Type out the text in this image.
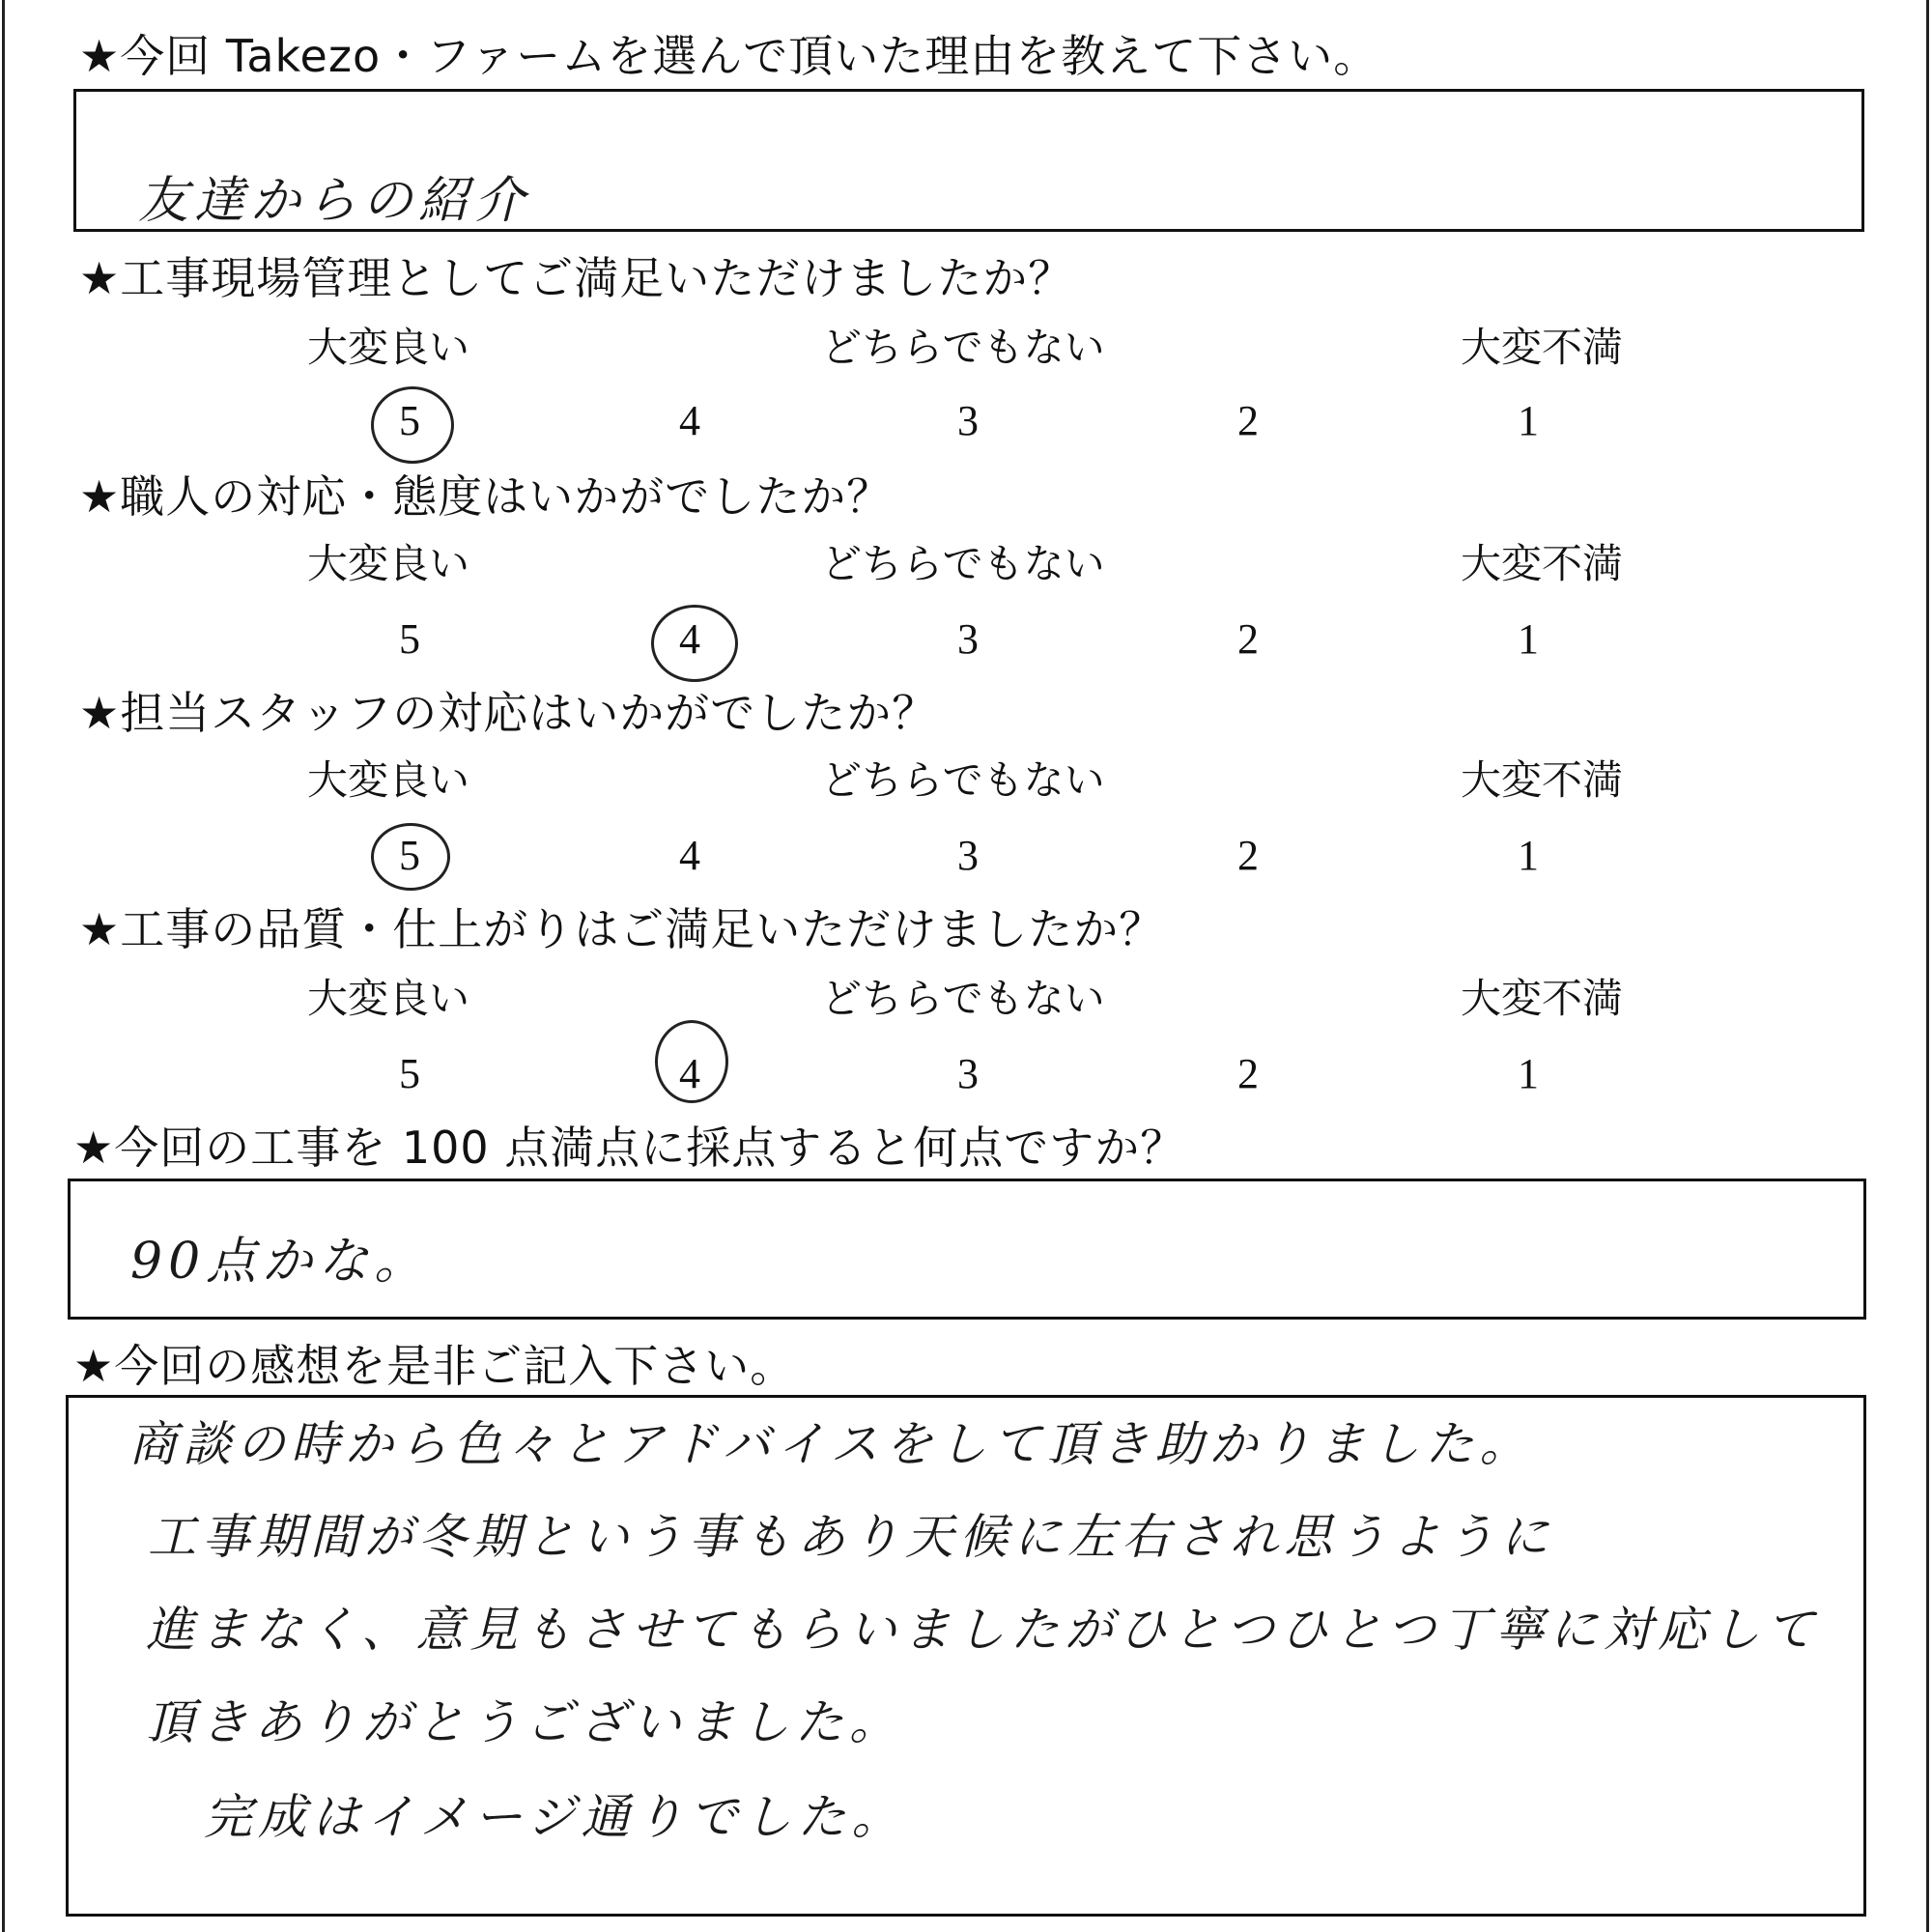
★今回 Takezo・ファームを選んで頂いた理由を教えて下さい。
友達からの紹介
★工事現場管理としてご満足いただけましたか？
大変良い	どちらでもない	大変不満
5	4	3	2	1
★職人の対応・態度はいかがでしたか？
大変良い	どちらでもない	大変不満
5	4	3	2	1
★担当スタッフの対応はいかがでしたか？
大変良い	どちらでもない	大変不満
5	4	3	2	1
★工事の品質・仕上がりはご満足いただけましたか？
大変良い	どちらでもない	大変不満
5	4	3	2	1
★今回の工事を 100 点満点に採点すると何点ですか？
90点かな。
★今回の感想を是非ご記入下さい。
商談の時から色々とアドバイスをして頂き助かりました。
工事期間が冬期という事もあり天候に左右され思うように
進まなく、意見もさせてもらいましたがひとつひとつ丁寧に対応して
頂きありがとうございました。
完成はイメージ通りでした。
